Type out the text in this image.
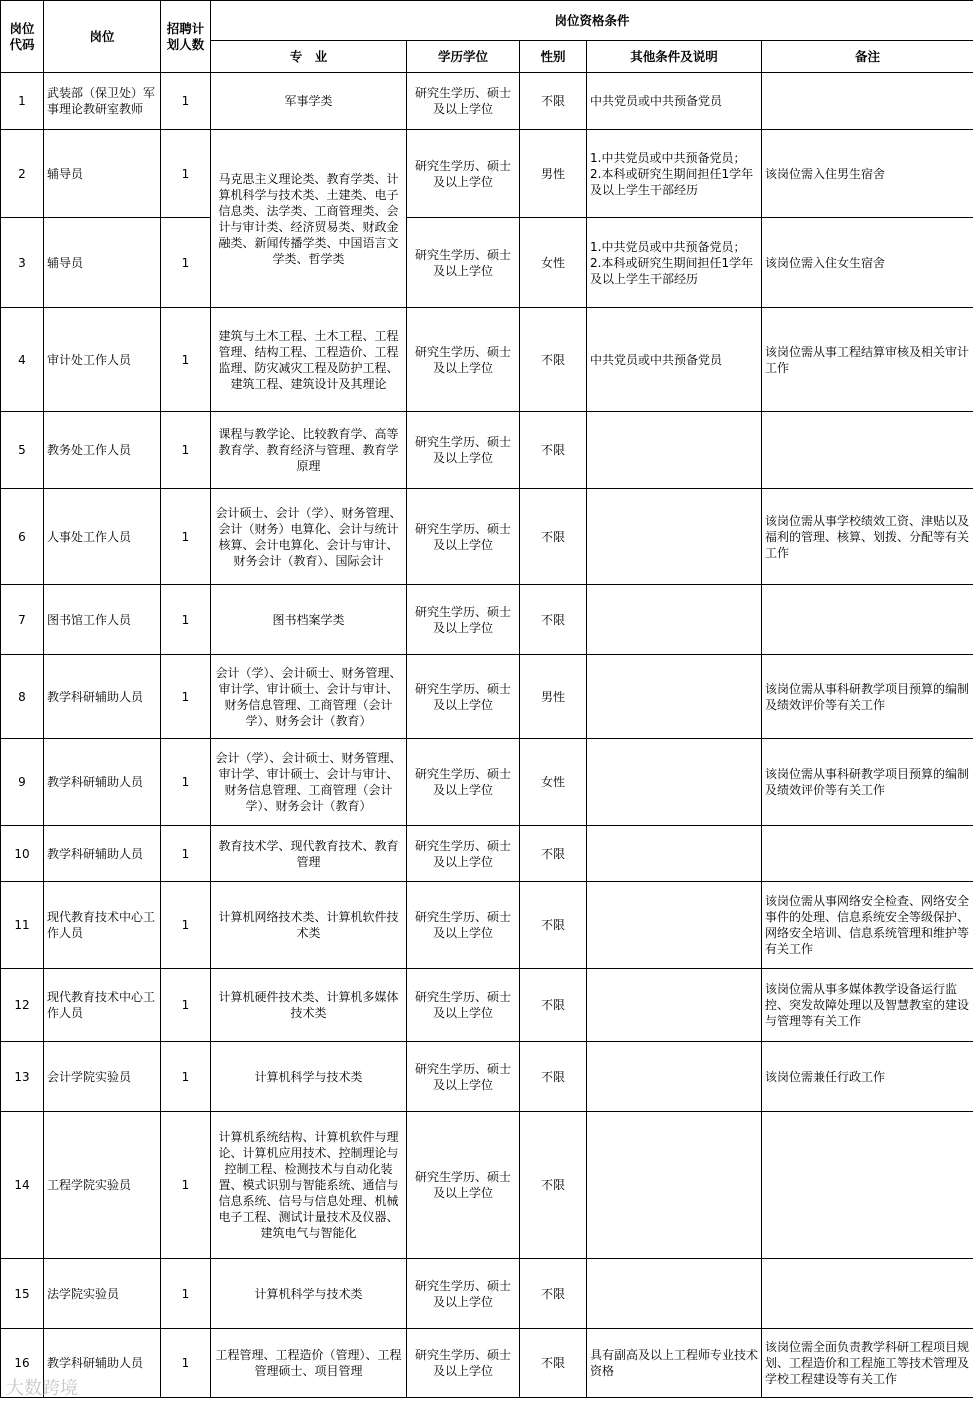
岗位代码	岗位	招聘计划人数	岗位资格条件				
			专　业	学历学位	性别	其他条件及说明	备注
1	武装部（保卫处）军事理论教研室教师	1	军事学类	研究生学历、硕士及以上学位	不限	中共党员或中共预备党员	
2	辅导员	1	马克思主义理论类、教育学类、计算机科学与技术类、土建类、电子信息类、法学类、工商管理类、会计与审计类、经济贸易类、财政金融类、新闻传播学类、中国语言文学类、哲学类	研究生学历、硕士及以上学位	男性	1.中共党员或中共预备党员；
2.本科或研究生期间担任1学年及以上学生干部经历	该岗位需入住男生宿舍
3	辅导员	1		研究生学历、硕士及以上学位	女性	1.中共党员或中共预备党员；
2.本科或研究生期间担任1学年及以上学生干部经历	该岗位需入住女生宿舍
4	审计处工作人员	1	建筑与土木工程、土木工程、工程管理、结构工程、工程造价、工程监理、防灾减灾工程及防护工程、建筑工程、建筑设计及其理论	研究生学历、硕士及以上学位	不限	中共党员或中共预备党员	该岗位需从事工程结算审核及相关审计工作
5	教务处工作人员	1	课程与教学论、比较教育学、高等教育学、教育经济与管理、教育学原理	研究生学历、硕士及以上学位	不限		
6	人事处工作人员	1	会计硕士、会计（学）、财务管理、会计（财务）电算化、会计与统计核算、会计电算化、会计与审计、财务会计（教育）、国际会计	研究生学历、硕士及以上学位	不限		该岗位需从事学校绩效工资、津贴以及福利的管理、核算、划拨、分配等有关工作
7	图书馆工作人员	1	图书档案学类	研究生学历、硕士及以上学位	不限		
8	教学科研辅助人员	1	会计（学）、会计硕士、财务管理、审计学、审计硕士、会计与审计、财务信息管理、工商管理（会计学）、财务会计（教育）	研究生学历、硕士及以上学位	男性		该岗位需从事科研教学项目预算的编制及绩效评价等有关工作
9	教学科研辅助人员	1	会计（学）、会计硕士、财务管理、审计学、审计硕士、会计与审计、财务信息管理、工商管理（会计学）、财务会计（教育）	研究生学历、硕士及以上学位	女性		该岗位需从事科研教学项目预算的编制及绩效评价等有关工作
10	教学科研辅助人员	1	教育技术学、现代教育技术、教育管理	研究生学历、硕士及以上学位	不限		
11	现代教育技术中心工作人员	1	计算机网络技术类、计算机软件技术类	研究生学历、硕士及以上学位	不限		该岗位需从事网络安全检查、网络安全事件的处理、信息系统安全等级保护、网络安全培训、信息系统管理和维护等有关工作
12	现代教育技术中心工作人员	1	计算机硬件技术类、计算机多媒体技术类	研究生学历、硕士及以上学位	不限		该岗位需从事多媒体教学设备运行监控、突发故障处理以及智慧教室的建设与管理等有关工作
13	会计学院实验员	1	计算机科学与技术类	研究生学历、硕士及以上学位	不限		该岗位需兼任行政工作
14	工程学院实验员	1	计算机系统结构、计算机软件与理论、计算机应用技术、控制理论与控制工程、检测技术与自动化装置、模式识别与智能系统、通信与信息系统、信号与信息处理、机械电子工程、测试计量技术及仪器、建筑电气与智能化	研究生学历、硕士及以上学位	不限		
15	法学院实验员	1	计算机科学与技术类	研究生学历、硕士及以上学位	不限		
16	教学科研辅助人员	1	工程管理、工程造价（管理）、工程管理硕士、项目管理	研究生学历、硕士及以上学位	不限	具有副高及以上工程师专业技术资格	该岗位需全面负责教学科研工程项目规划、工程造价和工程施工等技术管理及学校工程建设等有关工作
大数跨境
